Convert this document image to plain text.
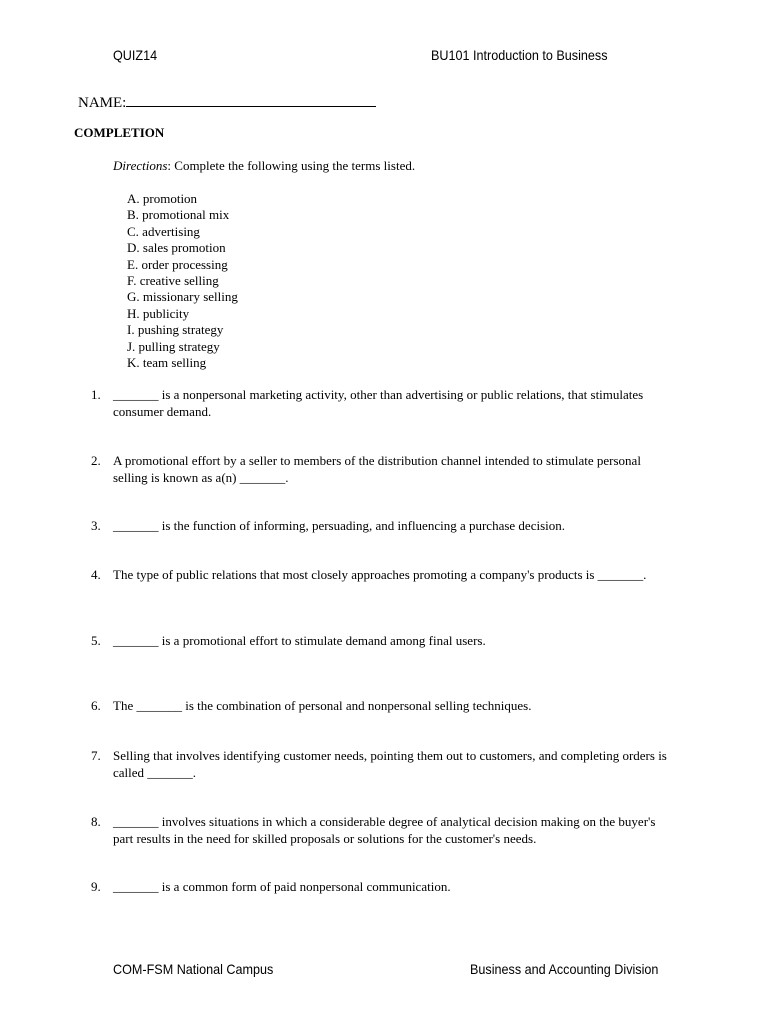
QUIZ14	BU101 Introduction to Business
NAME:
COMPLETION
Directions: Complete the following using the terms listed.
A. promotion
B. promotional mix
C. advertising
D. sales promotion
E. order processing
F. creative selling
G. missionary selling
H. publicity
I. pushing strategy
J. pulling strategy
K. team selling
1. _______ is a nonpersonal marketing activity, other than advertising or public relations, that stimulates consumer demand.
2. A promotional effort by a seller to members of the distribution channel intended to stimulate personal selling is known as a(n) _______.
3. _______ is the function of informing, persuading, and influencing a purchase decision.
4. The type of public relations that most closely approaches promoting a company's products is _______.
5. _______ is a promotional effort to stimulate demand among final users.
6. The _______ is the combination of personal and nonpersonal selling techniques.
7. Selling that involves identifying customer needs, pointing them out to customers, and completing orders is called _______.
8. _______ involves situations in which a considerable degree of analytical decision making on the buyer's part results in the need for skilled proposals or solutions for the customer's needs.
9. _______ is a common form of paid nonpersonal communication.
COM-FSM National Campus	Business and Accounting Division
